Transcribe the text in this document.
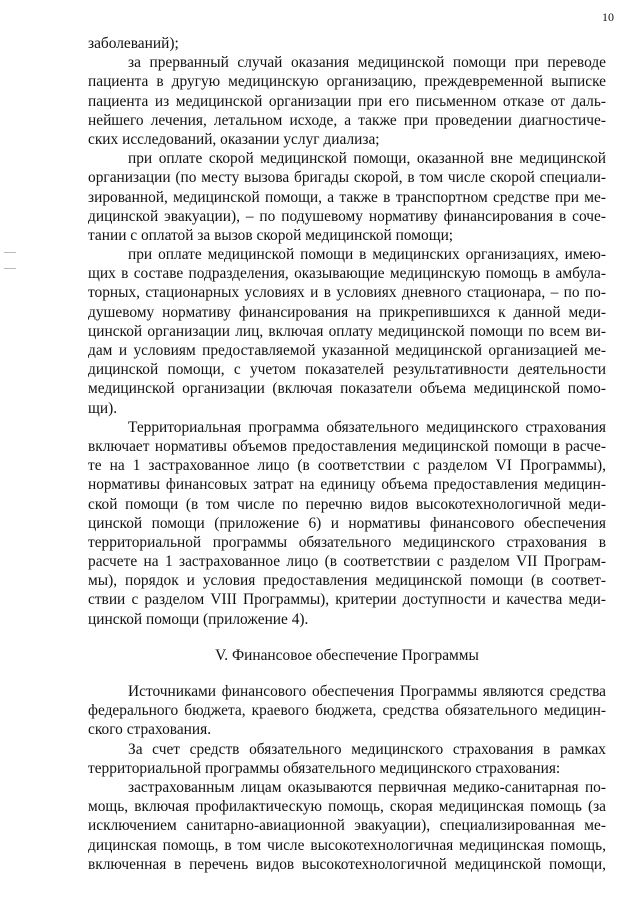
10
заболеваний);
за прерванный случай оказания медицинской помощи при переводе
пациента в другую медицинскую организацию, преждевременной выписке
пациента из медицинской организации при его письменном отказе от даль-
нейшего лечения, летальном исходе, а также при проведении диагностиче-
ских исследований, оказании услуг диализа;
при оплате скорой медицинской помощи, оказанной вне медицинской
организации (по месту вызова бригады скорой, в том числе скорой специали-
зированной, медицинской помощи, а также в транспортном средстве при ме-
дицинской эвакуации), – по подушевому нормативу финансирования в соче-
тании с оплатой за вызов скорой медицинской помощи;
при оплате медицинской помощи в медицинских организациях, имею-
щих в составе подразделения, оказывающие медицинскую помощь в амбула-
торных, стационарных условиях и в условиях дневного стационара, – по по-
душевому нормативу финансирования на прикрепившихся к данной меди-
цинской организации лиц, включая оплату медицинской помощи по всем ви-
дам и условиям предоставляемой указанной медицинской организацией ме-
дицинской помощи, с учетом показателей результативности деятельности
медицинской организации (включая показатели объема медицинской помо-
щи).
Территориальная программа обязательного медицинского страхования
включает нормативы объемов предоставления медицинской помощи в расче-
те на 1 застрахованное лицо (в соответствии с разделом VI Программы),
нормативы финансовых затрат на единицу объема предоставления медицин-
ской помощи (в том числе по перечню видов высокотехнологичной меди-
цинской помощи (приложение 6) и нормативы финансового обеспечения
территориальной программы обязательного медицинского страхования в
расчете на 1 застрахованное лицо (в соответствии с разделом VII Програм-
мы), порядок и условия предоставления медицинской помощи (в соответ-
ствии с разделом VIII Программы), критерии доступности и качества меди-
цинской помощи (приложение 4).
V. Финансовое обеспечение Программы
Источниками финансового обеспечения Программы являются средства
федерального бюджета, краевого бюджета, средства обязательного медицин-
ского страхования.
За счет средств обязательного медицинского страхования в рамках
территориальной программы обязательного медицинского страхования:
застрахованным лицам оказываются первичная медико-санитарная по-
мощь, включая профилактическую помощь, скорая медицинская помощь (за
исключением санитарно-авиационной эвакуации), специализированная ме-
дицинская помощь, в том числе высокотехнологичная медицинская помощь,
включенная в перечень видов высокотехнологичной медицинской помощи,
